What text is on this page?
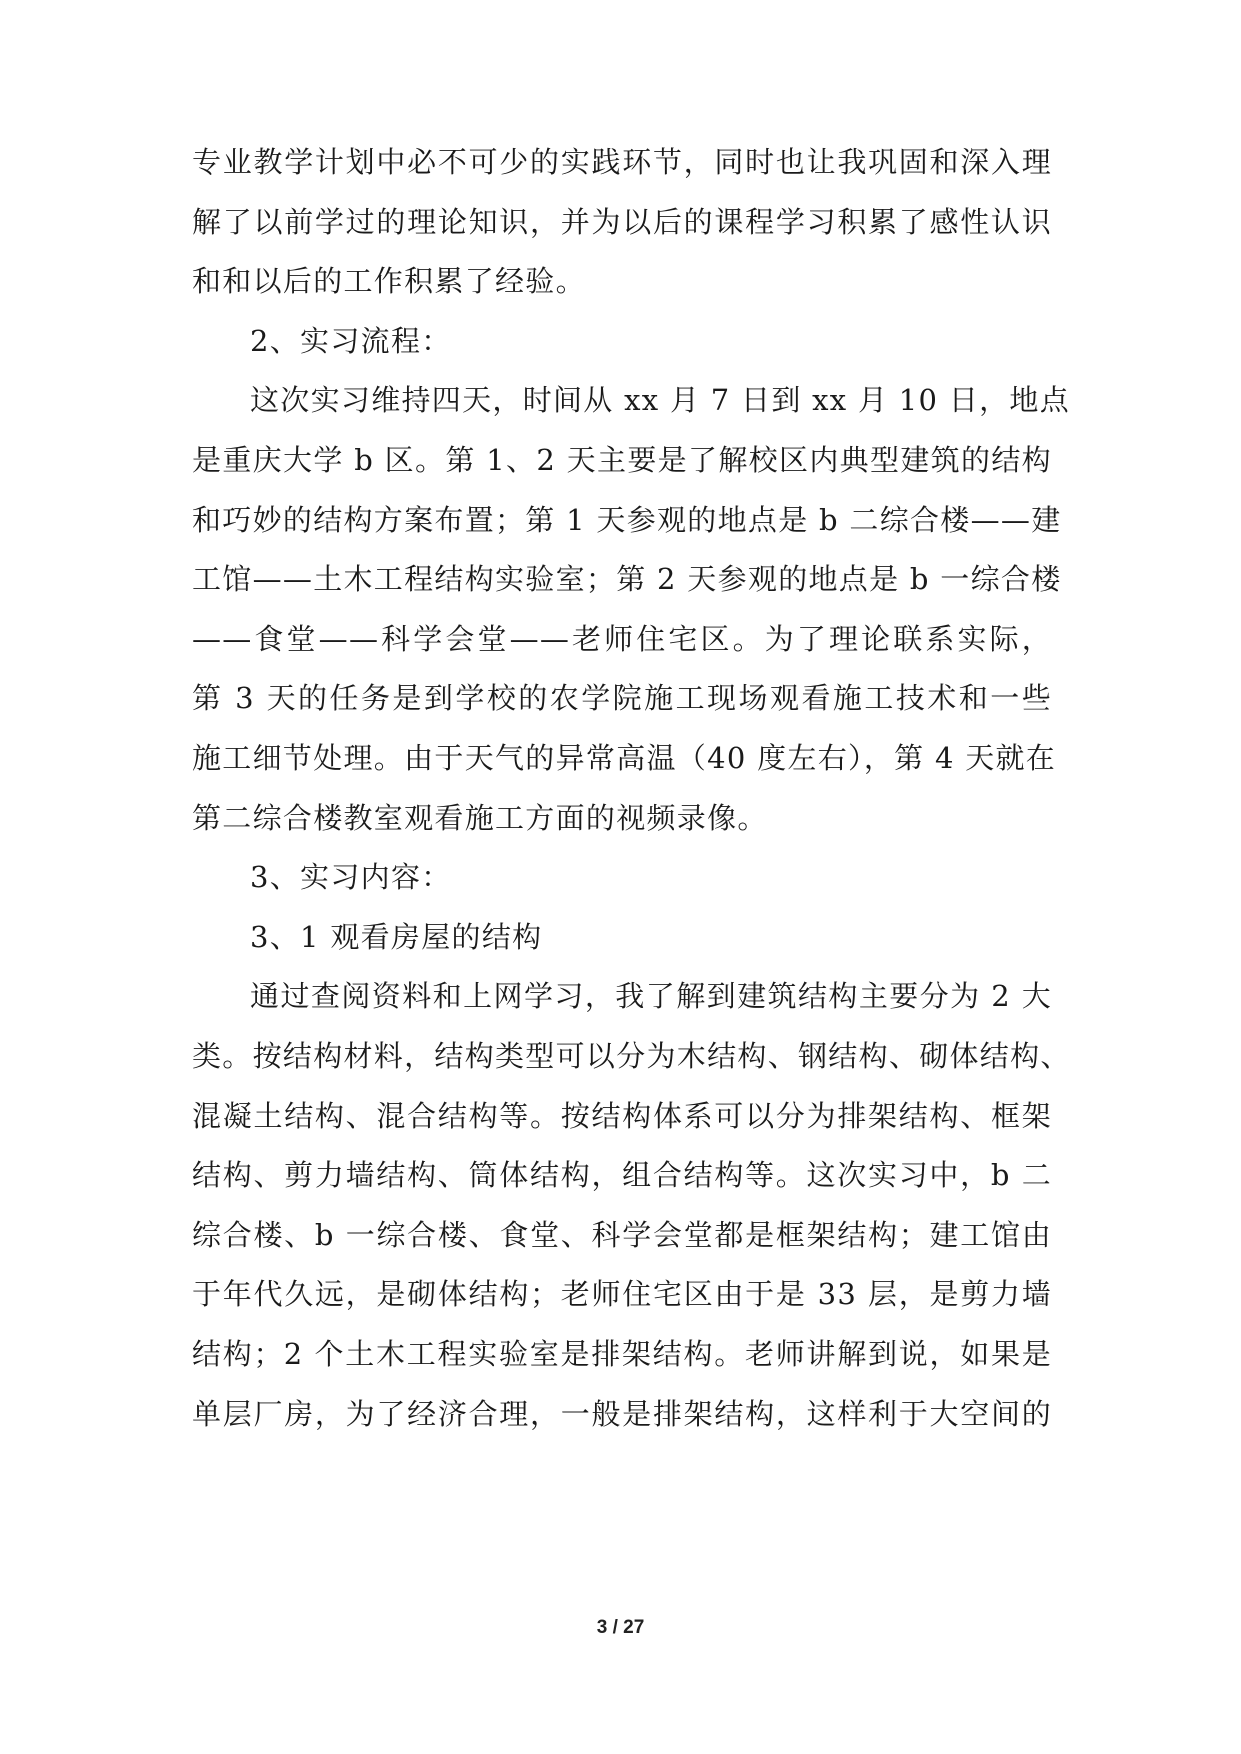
专业教学计划中必不可少的实践环节，同时也让我巩固和深入理

解了以前学过的理论知识，并为以后的课程学习积累了感性认识

和和以后的工作积累了经验。

2、实习流程：

这次实习维持四天，时间从 xx 月 7 日到 xx 月 10 日，地点

是重庆大学 b 区。第 1、2 天主要是了解校区内典型建筑的结构

和巧妙的结构方案布置；第 1 天参观的地点是 b 二综合楼——建

工馆——土木工程结构实验室；第 2 天参观的地点是 b 一综合楼

——食堂——科学会堂——老师住宅区。为了理论联系实际，

第 3 天的任务是到学校的农学院施工现场观看施工技术和一些

施工细节处理。由于天气的异常高温（40 度左右），第 4 天就在

第二综合楼教室观看施工方面的视频录像。

3、实习内容：

3、1 观看房屋的结构

通过查阅资料和上网学习，我了解到建筑结构主要分为 2 大

类。按结构材料，结构类型可以分为木结构、钢结构、砌体结构、

混凝土结构、混合结构等。按结构体系可以分为排架结构、框架

结构、剪力墙结构、筒体结构，组合结构等。这次实习中，b 二

综合楼、b 一综合楼、食堂、科学会堂都是框架结构；建工馆由

于年代久远，是砌体结构；老师住宅区由于是 33 层，是剪力墙

结构；2 个土木工程实验室是排架结构。老师讲解到说，如果是

单层厂房，为了经济合理，一般是排架结构，这样利于大空间的

3 / 27
